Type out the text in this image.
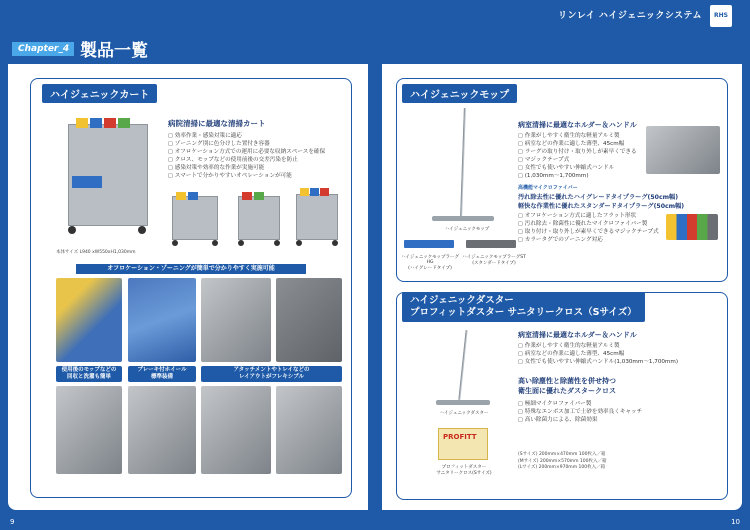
リンレイ ハイジェニックシステム RHS
Chapter_4 製品一覧
ハイジェニックカート
本体サイズ L940 xW550xH1,030mm
病院清掃に最適な清掃カート
□ 効率作業・感染対策に適応
□ ゾーニング別に色分けした置付き容器
□ オフロケーション方式での運用に必要な収納スペースを確保
□ クロス、モップなどの使用前後の交差汚染を防止
□ 感染対策や効率的な作業が実施可能
□ スマートで分かりやすいオペレーションが可能
オフロケーション・ゾーニングが簡単で分かりやすく実施可能
使用後のモップなどの
回収と洗濯も簡単
ブレーキ付ホイール
標準装備
アタッチメントやトレイなどの
レイアウトがフレキシブル
9
ハイジェニックモップ
ハイジェニックモップ
ハイジェニックモップラーグHG
(ハイグレードタイプ)
ハイジェニックモップラーグST
(スタンダードタイプ)
病室清掃に最適なホルダー＆ハンドル
□ 作業がしやすく衛生的な軽量アルミ製
□ 病室などの作業に適した薄型、45cm幅
□ ラーグの取り付け・取り外しが素早くできる
□ マジックテープ式
□ 女性でも使いやすい伸縮式ハンドル
□ (1,030mm〜1,700mm)
高機能マイクロファイバー
汚れ除去性に優れたハイグレードタイプラーグ(50cm幅)
軽快な作業性に優れたスタンダードタイプラーグ(50cm幅)
□ オフロケーション方式に適したフラット形状
□ 汚れ除去・除菌性に優れたマイクロファイバー製
□ 取り付け・取り外しが素早くできるマジックテープ式
□ カラータグでのゾーニング対応
ハイジェニックダスター
プロフィットダスター サニタリークロス（Sサイズ）
ハイジェニックダスター
PROFITT
プロフィットダスター
サニタリークロス(Sサイズ)
病室清掃に最適なホルダー＆ハンドル
□ 作業がしやすく衛生的な軽量アルミ製
□ 病室などの作業に適した薄型、45cm幅
□ 女性でも使いやすい伸縮式ハンドル(1,030mm〜1,700mm)
高い除塵性と除菌性を併せ持つ
衛生面に優れたダスタークロス
□ 極細マイクロファイバー製
□ 特殊なエンボス加工で土砂を効率良くキャッチ
□ 高い除菌力による、除菌効果
(Sサイズ) 200mm×470mm 100枚入／箱
(Mサイズ) 200mm×570mm 100枚入／箱
(Lサイズ) 200mm×970mm 100枚入／箱
10
